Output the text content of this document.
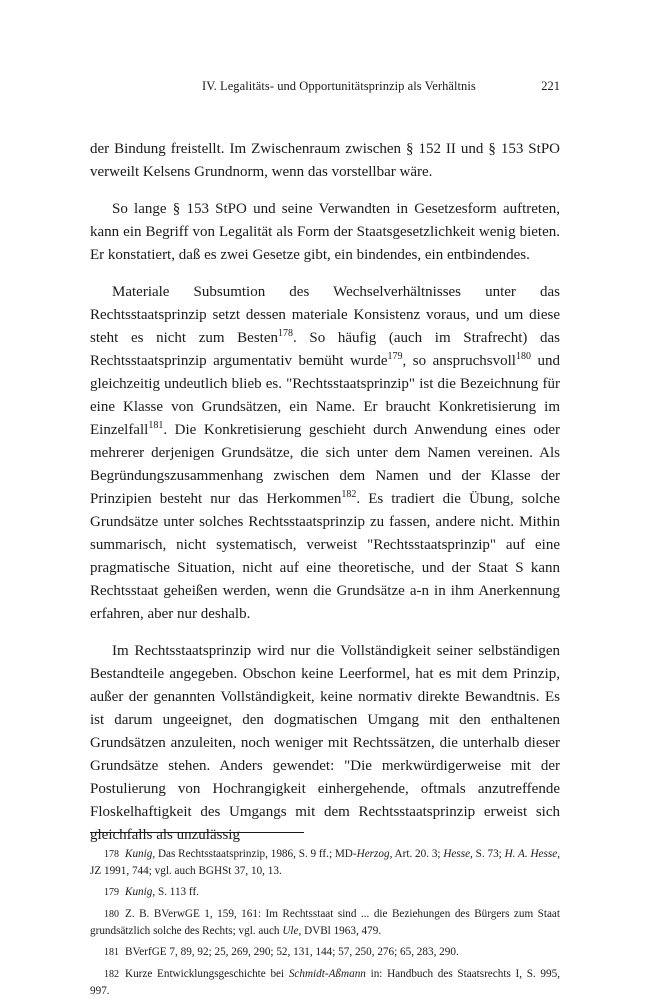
IV. Legalitäts- und Opportunitätsprinzip als Verhältnis	221

der Bindung freistellt. Im Zwischenraum zwischen § 152 II und § 153 StPO verweilt Kelsens Grundnorm, wenn das vorstellbar wäre.

So lange § 153 StPO und seine Verwandten in Gesetzesform auftreten, kann ein Begriff von Legalität als Form der Staatsgesetzlichkeit wenig bieten. Er konstatiert, daß es zwei Gesetze gibt, ein bindendes, ein entbindendes.

Materiale Subsumtion des Wechselverhältnisses unter das Rechtsstaatsprinzip setzt dessen materiale Konsistenz voraus, und um diese steht es nicht zum Besten$^{178}$. So häufig (auch im Strafrecht) das Rechtsstaatsprinzip argumentativ bemüht wurde$^{179}$, so anspruchsvoll$^{180}$ und gleichzeitig undeutlich blieb es. "Rechtsstaatsprinzip" ist die Bezeichnung für eine Klasse von Grundsätzen, ein Name. Er braucht Konkretisierung im Einzelfall$^{181}$. Die Konkretisierung geschieht durch Anwendung eines oder mehrerer derjenigen Grundsätze, die sich unter dem Namen vereinen. Als Begründungszusammenhang zwischen dem Namen und der Klasse der Prinzipien besteht nur das Herkommen$^{182}$. Es tradiert die Übung, solche Grundsätze unter solches Rechtsstaatsprinzip zu fassen, andere nicht. Mithin summarisch, nicht systematisch, verweist "Rechtsstaatsprinzip" auf eine pragmatische Situation, nicht auf eine theoretische, und der Staat S kann Rechtsstaat geheißen werden, wenn die Grundsätze a-n in ihm Anerkennung erfahren, aber nur deshalb.

Im Rechtsstaatsprinzip wird nur die Vollständigkeit seiner selbständigen Bestandteile angegeben. Obschon keine Leerformel, hat es mit dem Prinzip, außer der genannten Vollständigkeit, keine normativ direkte Bewandtnis. Es ist darum ungeeignet, den dogmatischen Umgang mit den enthaltenen Grundsätzen anzuleiten, noch weniger mit Rechtssätzen, die unterhalb dieser Grundsätze stehen. Anders gewendet: "Die merkwürdigerweise mit der Postulierung von Hochrangigkeit einhergehende, oftmals anzutreffende Floskelhaftigkeit des Umgangs mit dem Rechtsstaatsprinzip erweist sich gleichfalls als unzulässig

178 Kunig, Das Rechtsstaatsprinzip, 1986, S. 9 ff.; MD-Herzog, Art. 20. 3; Hesse, S. 73; H. A. Hesse, JZ 1991, 744; vgl. auch BGHSt 37, 10, 13.

179 Kunig, S. 113 ff.

180 Z. B. BVerwGE 1, 159, 161: Im Rechtsstaat sind ... die Beziehungen des Bürgers zum Staat grundsätzlich solche des Rechts; vgl. auch Ule, DVBl 1963, 479.

181 BVerfGE 7, 89, 92; 25, 269, 290; 52, 131, 144; 57, 250, 276; 65, 283, 290.

182 Kurze Entwicklungsgeschichte bei Schmidt-Aßmann in: Handbuch des Staatsrechts I, S. 995, 997.
